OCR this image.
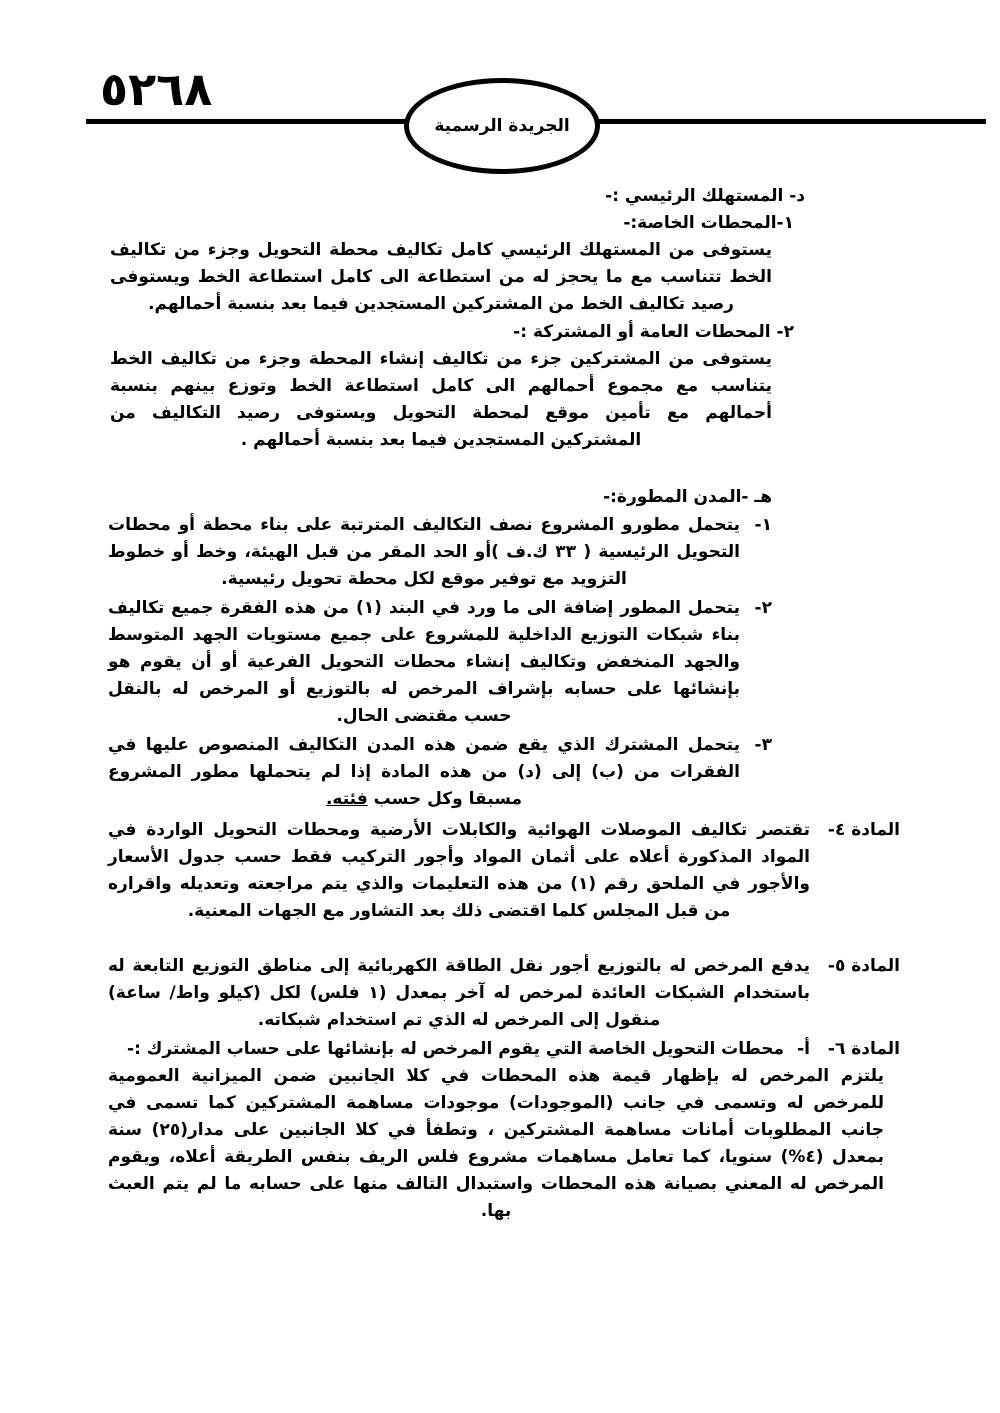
٥٢٦٨
الجريدة الرسمية
د- المستهلك الرئيسي :-
١-المحطات الخاصة:-
يستوفى من المستهلك الرئيسي كامل تكاليف محطة التحويل وجزء من تكاليف الخط تتناسب مع ما يحجز له من استطاعة الى كامل استطاعة الخط ويستوفى رصيد تكاليف الخط من المشتركين المستجدين فيما بعد بنسبة أحمالهم.
٢- المحطات العامة أو المشتركة :-
يستوفى من المشتركين جزء من تكاليف إنشاء المحطة وجزء من تكاليف الخط يتناسب مع مجموع أحمالهم الى كامل استطاعة الخط وتوزع بينهم بنسبة أحمالهم مع تأمين موقع لمحطة التحويل ويستوفى رصيد التكاليف من المشتركين المستجدين فيما بعد بنسبة أحمالهم .
هـ -المدن المطورة:-
١-
يتحمل مطورو المشروع نصف التكاليف المترتبة على بناء محطة أو محطات التحويل الرئيسية ( ٣٣ ك.ف )أو الحد المقر من قبل الهيئة، وخط أو خطوط التزويد مع توفير موقع لكل محطة تحويل رئيسية.
٢-
يتحمل المطور إضافة الى ما ورد في البند (١) من هذه الفقرة جميع تكاليف بناء شبكات التوزيع الداخلية للمشروع على جميع مستويات الجهد المتوسط والجهد المنخفض وتكاليف إنشاء محطات التحويل الفرعية أو أن يقوم هو بإنشائها على حسابه بإشراف المرخص له بالتوزيع أو المرخص له بالنقل حسب مقتضى الحال.
٣-
يتحمل المشترك الذي يقع ضمن هذه المدن التكاليف المنصوص عليها في الفقرات من (ب) إلى (د) من هذه المادة إذا لم يتحملها مطور المشروع مسبقا وكل حسب فئته.
المادة ٤-
تقتصر تكاليف الموصلات الهوائية والكابلات الأرضية ومحطات التحويل الواردة في المواد المذكورة أعلاه على أثمان المواد وأجور التركيب فقط حسب جدول الأسعار والأجور في الملحق رقم (١) من هذه التعليمات والذي يتم مراجعته وتعديله واقراره من قبل المجلس كلما اقتضى ذلك بعد التشاور مع الجهات المعنية.
المادة ٥-
يدفع المرخص له بالتوزيع أجور نقل الطاقة الكهربائية إلى مناطق التوزيع التابعة له باستخدام الشبكات العائدة لمرخص له آخر بمعدل (١ فلس) لكل (كيلو واط/ ساعة) منقول إلى المرخص له الذي تم استخدام شبكاته.
المادة ٦-
أ-
محطات التحويل الخاصة التي يقوم المرخص له بإنشائها على حساب المشترك :-
يلتزم المرخص له بإظهار قيمة هذه المحطات في كلا الجانبين ضمن الميزانية العمومية للمرخص له وتسمى في جانب (الموجودات) موجودات مساهمة المشتركين كما تسمى في جانب المطلوبات أمانات مساهمة المشتركين ، وتطفأ في كلا الجانبين على مدار(٢٥) سنة بمعدل (٤%) سنويا، كما تعامل مساهمات مشروع فلس الريف بنفس الطريقة أعلاه، ويقوم المرخص له المعني بصيانة هذه المحطات واستبدال التالف منها على حسابه ما لم يتم العبث بها.
